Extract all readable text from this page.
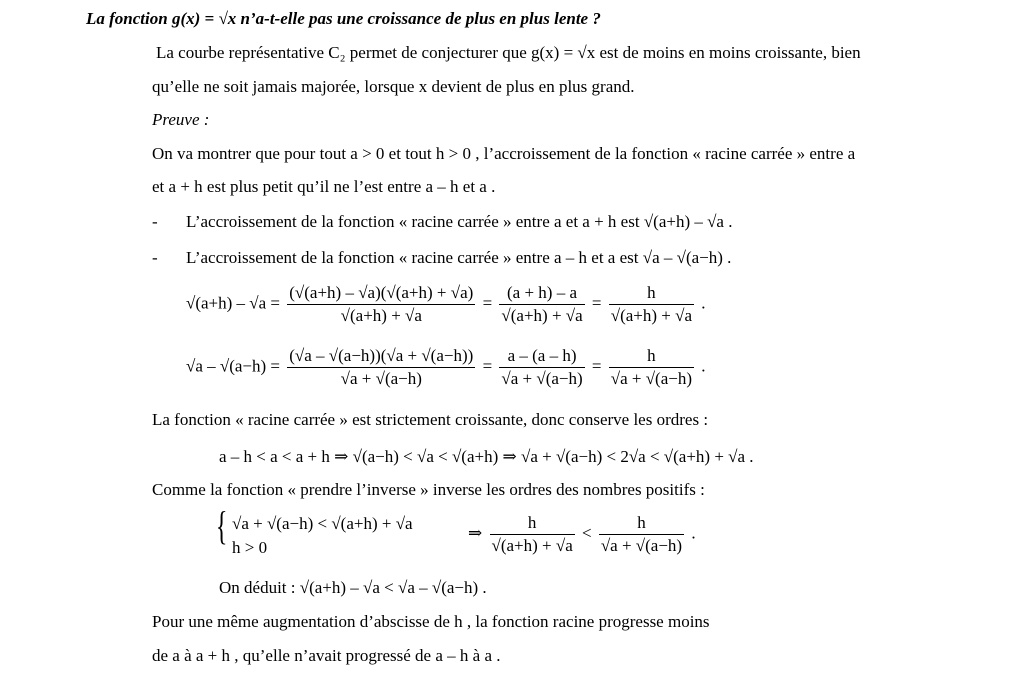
La fonction g(x) = √x n’a-t-elle pas une croissance de plus en plus lente ?
La courbe représentative C₂ permet de conjecturer que g(x) = √x est de moins en moins croissante, bien
qu’elle ne soit jamais majorée, lorsque x devient de plus en plus grand.
Preuve :
On va montrer que pour tout a > 0 et tout h > 0 , l’accroissement de la fonction « racine carrée » entre a
et a + h est plus petit qu’il ne l’est entre a – h et a .
- L’accroissement de la fonction « racine carrée » entre a et a + h est √(a+h) – √a .
- L’accroissement de la fonction « racine carrée » entre a – h et a est √a – √(a−h) .
$√(a+h) - √a = \frac{(√(a+h) - √a)(√(a+h) + √a)}{√(a+h) + √a} = \frac{(a + h) - a}{√(a+h) + √a} = \frac{h}{√(a+h) + √a}$ .
$√a - √(a-h) = \frac{(√a - √(a-h))(√a + √(a-h))}{√a + √(a-h)} = \frac{a - (a - h)}{√a + √(a-h)} = \frac{h}{√a + √(a-h)}$ .
La fonction « racine carrée » est strictement croissante, donc conserve les ordres :
a – h < a < a + h ⇒ √(a−h) < √a < √(a+h) ⇒ √a + √(a−h) < 2√a < √(a+h) + √a .
Comme la fonction « prendre l’inverse » inverse les ordres des nombres positifs :
{ √a + √(a−h) < √(a+h) + √a
h > 0
⇒ $\frac{h}{√(a+h) + √a} < \frac{h}{√a + √(a-h)}$ .
On déduit : √(a+h) – √a < √a – √(a−h) .
Pour une même augmentation d’abscisse de h , la fonction racine progresse moins
de a à a + h , qu’elle n’avait progressé de a – h à a .
